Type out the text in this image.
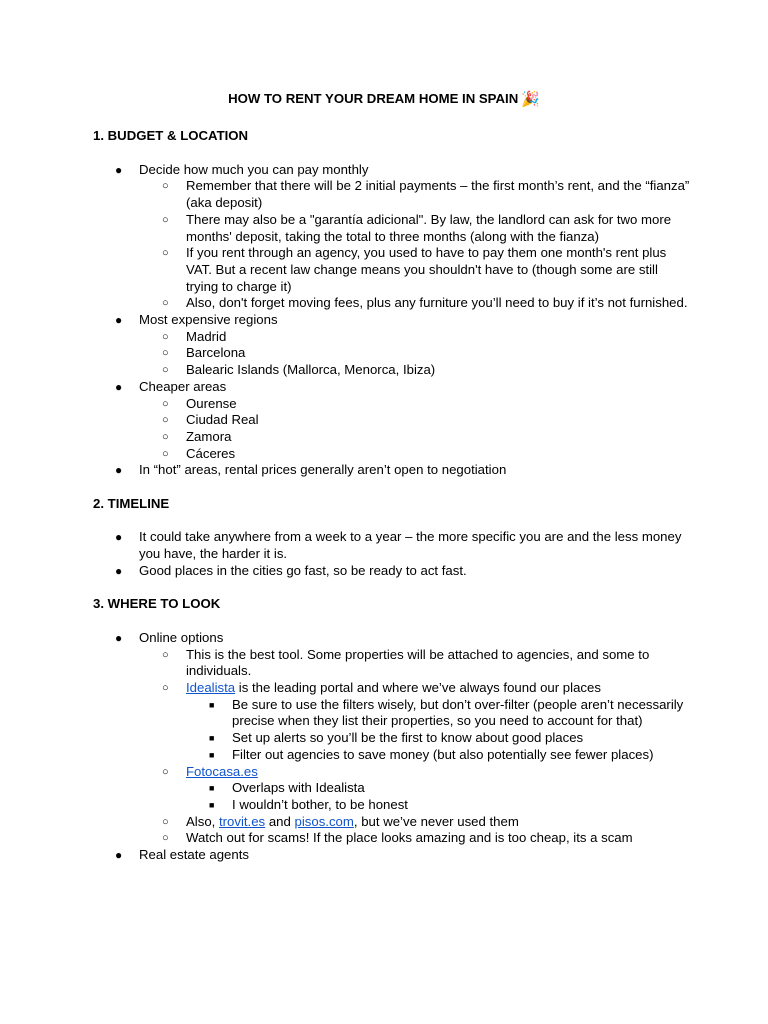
HOW TO RENT YOUR DREAM HOME IN SPAIN 🎉
1. BUDGET & LOCATION
● Decide how much you can pay monthly
○ Remember that there will be 2 initial payments – the first month’s rent, and the “fianza” (aka deposit)
○ There may also be a "garantía adicional". By law, the landlord can ask for two more months' deposit, taking the total to three months (along with the fianza)
○ If you rent through an agency, you used to have to pay them one month's rent plus VAT. But a recent law change means you shouldn't have to (though some are still trying to charge it)
○ Also, don't forget moving fees, plus any furniture you’ll need to buy if it’s not furnished.
● Most expensive regions
○ Madrid
○ Barcelona
○ Balearic Islands (Mallorca, Menorca, Ibiza)
● Cheaper areas
○ Ourense
○ Ciudad Real
○ Zamora
○ Cáceres
● In “hot” areas, rental prices generally aren’t open to negotiation
2. TIMELINE
● It could take anywhere from a week to a year – the more specific you are and the less money you have, the harder it is.
● Good places in the cities go fast, so be ready to act fast.
3. WHERE TO LOOK
● Online options
○ This is the best tool. Some properties will be attached to agencies, and some to individuals.
○ Idealista is the leading portal and where we’ve always found our places
■ Be sure to use the filters wisely, but don’t over-filter (people aren’t necessarily precise when they list their properties, so you need to account for that)
■ Set up alerts so you’ll be the first to know about good places
■ Filter out agencies to save money (but also potentially see fewer places)
○ Fotocasa.es
■ Overlaps with Idealista
■ I wouldn’t bother, to be honest
○ Also, trovit.es and pisos.com, but we’ve never used them
○ Watch out for scams! If the place looks amazing and is too cheap, its a scam
● Real estate agents
